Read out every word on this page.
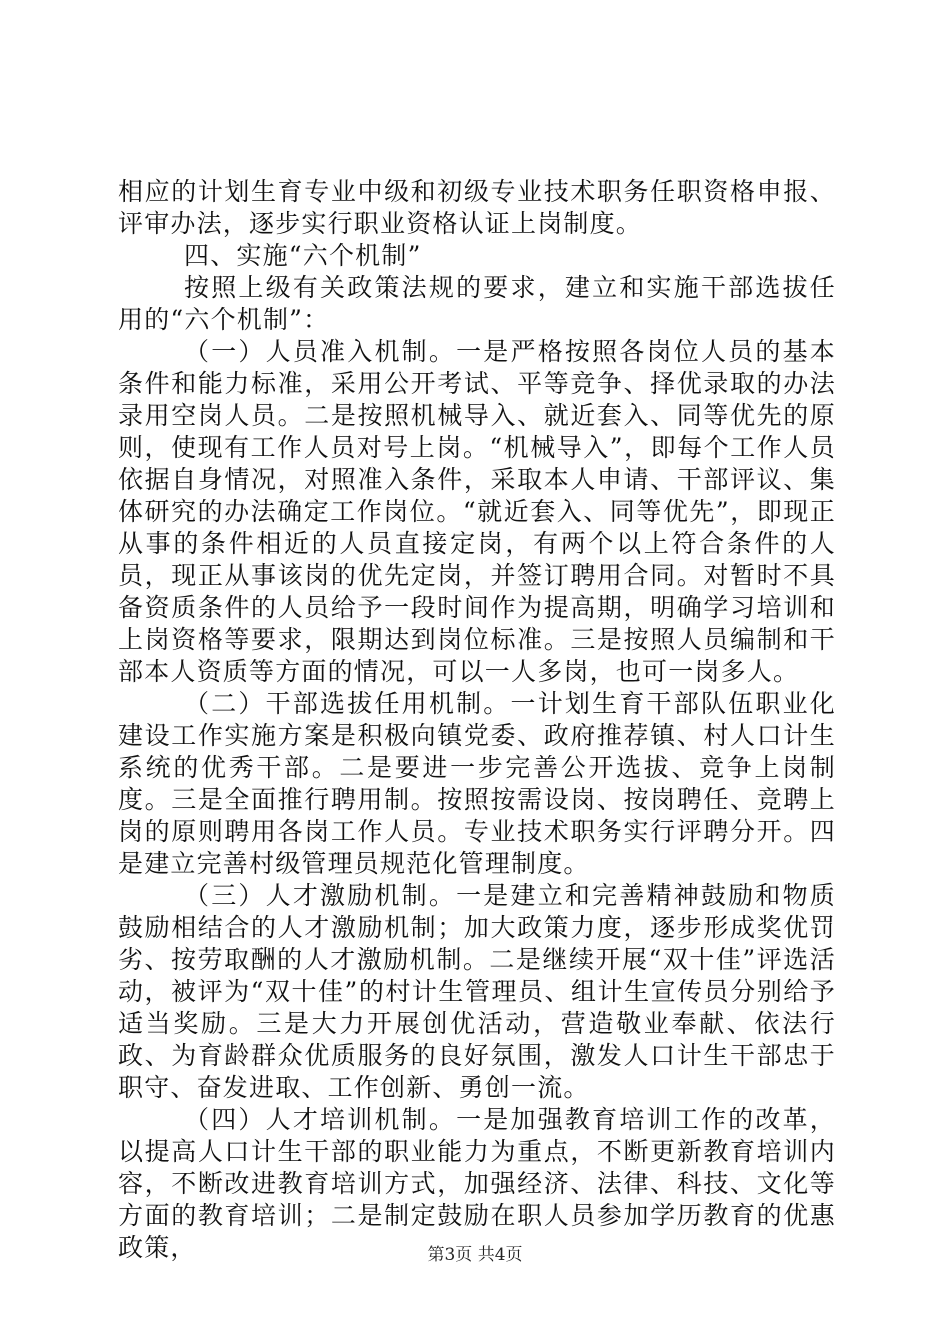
相应的计划生育专业中级和初级专业技术职务任职资格申报、评审办法，逐步实行职业资格认证上岗制度。

四、实施“六个机制”

按照上级有关政策法规的要求，建立和实施干部选拔任用的“六个机制”：

（一）人员准入机制。一是严格按照各岗位人员的基本条件和能力标准，采用公开考试、平等竞争、择优录取的办法录用空岗人员。二是按照机械导入、就近套入、同等优先的原则，使现有工作人员对号上岗。“机械导入”，即每个工作人员依据自身情况，对照准入条件，采取本人申请、干部评议、集体研究的办法确定工作岗位。“就近套入、同等优先”，即现正从事的条件相近的人员直接定岗，有两个以上符合条件的人员，现正从事该岗的优先定岗，并签订聘用合同。对暂时不具备资质条件的人员给予一段时间作为提高期，明确学习培训和上岗资格等要求，限期达到岗位标准。三是按照人员编制和干部本人资质等方面的情况，可以一人多岗，也可一岗多人。

（二）干部选拔任用机制。一计划生育干部队伍职业化建设工作实施方案是积极向镇党委、政府推荐镇、村人口计生系统的优秀干部。二是要进一步完善公开选拔、竞争上岗制度。三是全面推行聘用制。按照按需设岗、按岗聘任、竞聘上岗的原则聘用各岗工作人员。专业技术职务实行评聘分开。四是建立完善村级管理员规范化管理制度。

（三）人才激励机制。一是建立和完善精神鼓励和物质鼓励相结合的人才激励机制；加大政策力度，逐步形成奖优罚劣、按劳取酬的人才激励机制。二是继续开展“双十佳”评选活动，被评为“双十佳”的村计生管理员、组计生宣传员分别给予适当奖励。三是大力开展创优活动，营造敬业奉献、依法行政、为育龄群众优质服务的良好氛围，激发人口计生干部忠于职守、奋发进取、工作创新、勇创一流。

（四）人才培训机制。一是加强教育培训工作的改革，以提高人口计生干部的职业能力为重点，不断更新教育培训内容，不断改进教育培训方式，加强经济、法律、科技、文化等方面的教育培训；二是制定鼓励在职人员参加学历教育的优惠政策，	第3页 共4页
